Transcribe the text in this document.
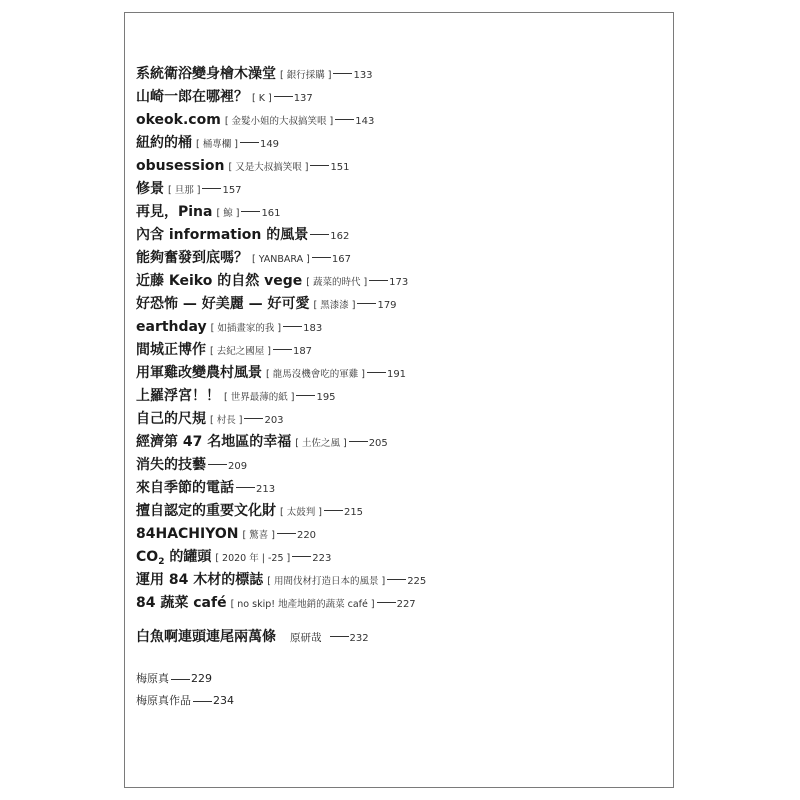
系統衛浴變身檜木澡堂 [ 銀行採購 ] 133
山崎一郎在哪裡？ [ K ] 137
okeok.com [ 金髮小姐的大叔搞笑哏 ] 143
紐約的桶 [ 桶專欄 ] 149
obusession [ 又是大叔搞笑哏 ] 151
修景 [ 旦那 ] 157
再見，Pina [ 鯨 ] 161
內含 information 的風景 162
能夠奮發到底嗎？ [ YANBARA ] 167
近藤 Keiko 的自然 vege [ 蔬菜的時代 ] 173
好恐怖 — 好美麗 — 好可愛 [ 黑漆漆 ] 179
earthday [ 如插畫家的我 ] 183
間城正博作 [ 去紀之國屋 ] 187
用軍雞改變農村風景 [ 龍馬沒機會吃的軍雞 ] 191
上羅浮宮！！ [ 世界最薄的紙 ] 195
自己的尺規 [ 村長 ] 203
經濟第 47 名地區的幸福 [ 土佐之風 ] 205
消失的技藝 209
來自季節的電話 213
擅自認定的重要文化財 [ 太鼓判 ] 215
84HACHIYON [ 驚喜 ] 220
$CO_2$ 的罐頭 [ 2020 年 | -25 ] 223
運用 84 木材的標誌 [ 用間伐材打造日本的風景 ] 225
84 蔬菜 café [ no skip! 地產地銷的蔬菜 café ] 227
白魚啊連頭連尾兩萬條 原研哉	232
梅原真 229
梅原真作品 234
